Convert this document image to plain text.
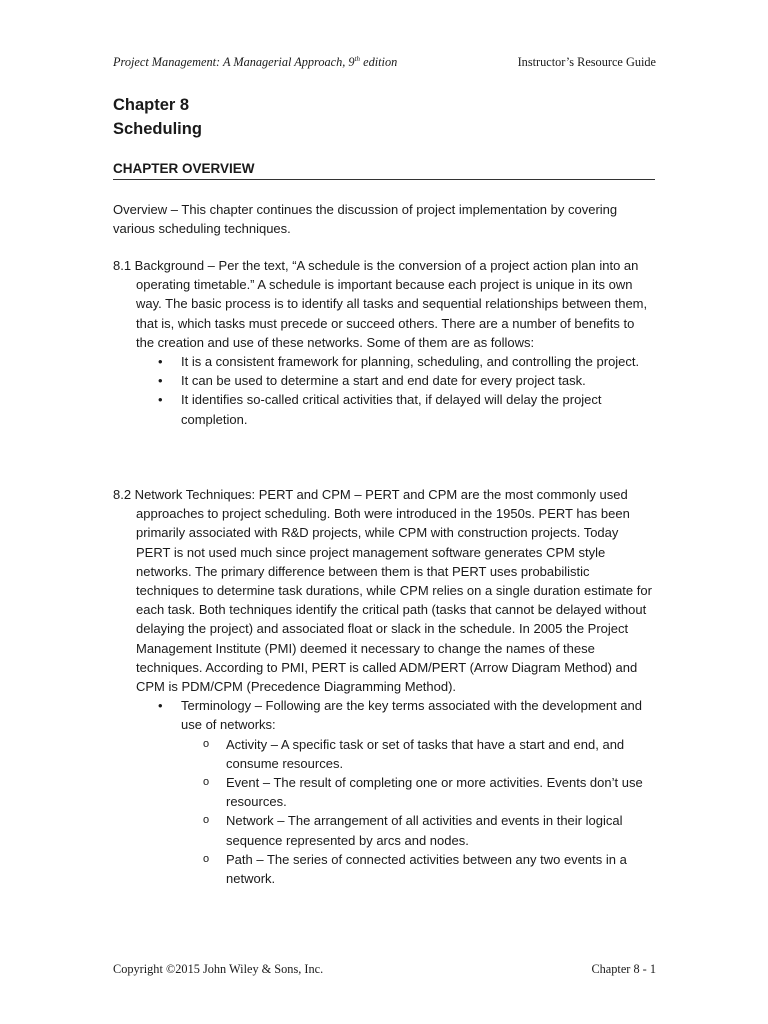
Project Management: A Managerial Approach, 9th edition	Instructor’s Resource Guide
Chapter 8
Scheduling
CHAPTER OVERVIEW

Overview – This chapter continues the discussion of project implementation by covering various scheduling techniques.

8.1 Background – Per the text, “A schedule is the conversion of a project action plan into an operating timetable.” A schedule is important because each project is unique in its own way. The basic process is to identify all tasks and sequential relationships between them, that is, which tasks must precede or succeed others. There are a number of benefits to the creation and use of these networks. Some of them are as follows:

• It is a consistent framework for planning, scheduling, and controlling the project.
• It can be used to determine a start and end date for every project task.
• It identifies so-called critical activities that, if delayed will delay the project completion.

8.2 Network Techniques: PERT and CPM – PERT and CPM are the most commonly used approaches to project scheduling. Both were introduced in the 1950s. PERT has been primarily associated with R&D projects, while CPM with construction projects. Today PERT is not used much since project management software generates CPM style networks. The primary difference between them is that PERT uses probabilistic techniques to determine task durations, while CPM relies on a single duration estimate for each task. Both techniques identify the critical path (tasks that cannot be delayed without delaying the project) and associated float or slack in the schedule. In 2005 the Project Management Institute (PMI) deemed it necessary to change the names of these techniques. According to PMI, PERT is called ADM/PERT (Arrow Diagram Method) and CPM is PDM/CPM (Precedence Diagramming Method).

• Terminology – Following are the key terms associated with the development and use of networks:
o Activity – A specific task or set of tasks that have a start and end, and consume resources.
o Event – The result of completing one or more activities. Events don’t use resources.
o Network – The arrangement of all activities and events in their logical sequence represented by arcs and nodes.
o Path – The series of connected activities between any two events in a network.
Copyright ©2015 John Wiley & Sons, Inc.	Chapter 8 - 1
